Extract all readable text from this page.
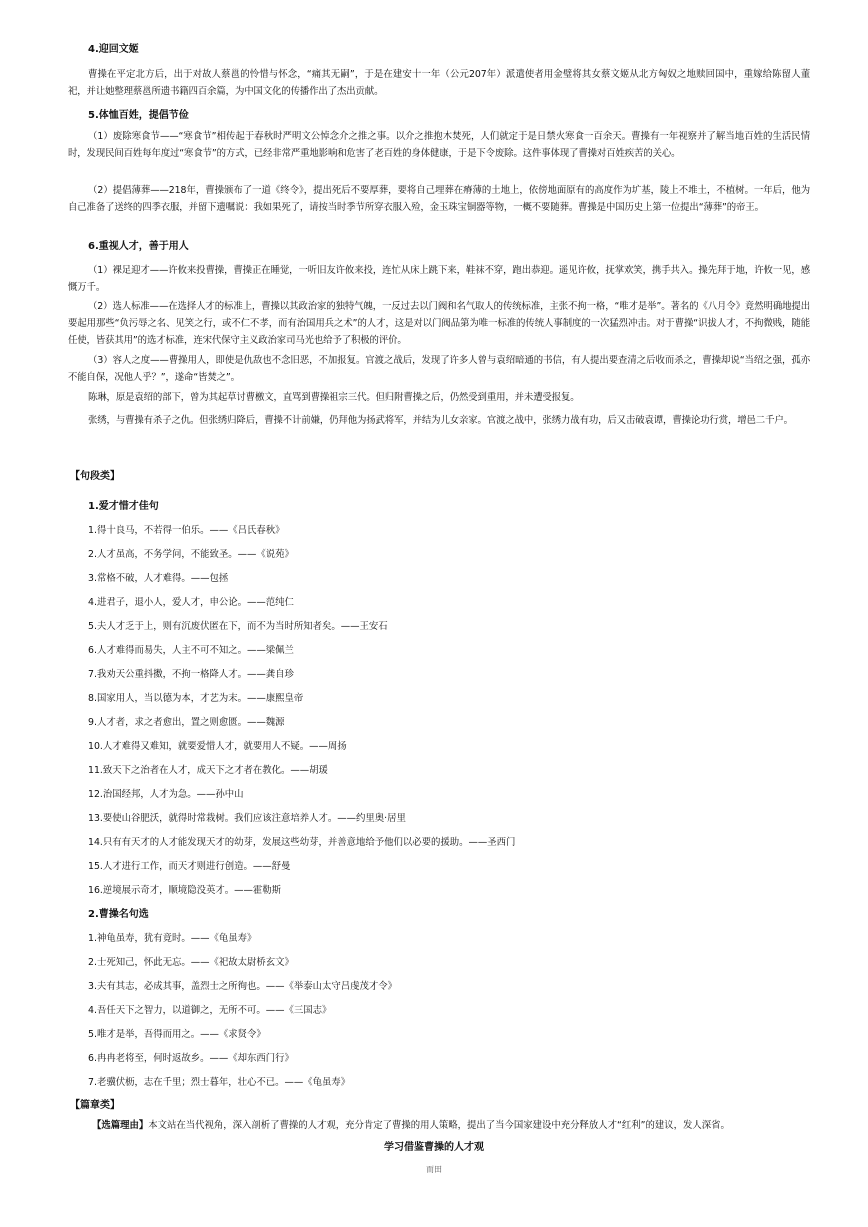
4.迎回文姬
曹操在平定北方后，出于对故人蔡邕的怜惜与怀念，“痛其无嗣”，于是在建安十一年（公元207年）派遣使者用金璧将其女蔡文姬从北方匈奴之地赎回国中，重嫁给陈留人董祀，并让她整理蔡邕所遗书籍四百余篇，为中国文化的传播作出了杰出贡献。
5.体恤百姓，提倡节俭
（1）废除寒食节——“寒食节”相传起于春秋时严明文公悼念介之推之事。以介之推抱木焚死，人们就定于是日禁火寒食一百余天。曹操有一年视察并了解当地百姓的生活民情时，发现民间百姓每年度过“寒食节”的方式，已经非常严重地影响和危害了老百姓的身体健康，于是下令废除。这件事体现了曹操对百姓疾苦的关心。
（2）提倡薄葬——218年，曹操颁布了一道《终令》，提出死后不要厚葬，要将自己埋葬在瘠薄的土地上，依傍地面原有的高度作为圹基，陵上不堆土，不植树。一年后，他为自己准备了送终的四季衣服，并留下遗嘱说：我如果死了，请按当时季节所穿衣服入殓，金玉珠宝铜器等物，一概不要随葬。曹操是中国历史上第一位提出“薄葬”的帝王。
6.重视人才，善于用人
（1）裸足迎才——许攸来投曹操，曹操正在睡觉，一听旧友许攸来投，连忙从床上跳下来，鞋袜不穿，跑出恭迎。遥见许攸，抚掌欢笑，携手共入。操先拜于地，许攸一见，感慨万千。
（2）选人标准——在选择人才的标准上，曹操以其政治家的独特气魄，一反过去以门阀和名气取人的传统标准，主张不拘一格，“唯才是举”。著名的《八月令》竟然明确地提出要起用那些“负污辱之名、见笑之行，或不仁不孝，而有治国用兵之术”的人才，这是对以门阀品第为唯一标准的传统人事制度的一次猛烈冲击。对于曹操“识拔人才，不拘微贱，随能任使，皆获其用”的选才标准，连宋代保守主义政治家司马光也给予了积极的评价。
（3）容人之度——曹操用人，即使是仇敌也不念旧恶，不加报复。官渡之战后，发现了许多人曾与袁绍暗通的书信，有人提出要查清之后收而杀之，曹操却说“当绍之强，孤亦不能自保，况他人乎？”，遂命“皆焚之”。
陈琳，原是袁绍的部下，曾为其起草讨曹檄文，直骂到曹操祖宗三代。但归附曹操之后，仍然受到重用，并未遭受报复。
张绣，与曹操有杀子之仇。但张绣归降后，曹操不计前嫌，仍拜他为扬武将军，并结为儿女亲家。官渡之战中，张绣力战有功，后又击破袁谭，曹操论功行赏，增邑二千户。
【句段类】
1.爱才惜才佳句
1.得十良马，不若得一伯乐。——《吕氏春秋》
2.人才虽高，不务学问，不能致圣。——《说苑》
3.常格不破，人才难得。——包拯
4.进君子，退小人，爱人才，申公论。——范纯仁
5.夫人才乏于上，则有沉废伏匿在下，而不为当时所知者矣。——王安石
6.人才难得而易失，人主不可不知之。——梁佩兰
7.我劝天公重抖擞，不拘一格降人才。——龚自珍
8.国家用人，当以德为本，才艺为末。——康熙皇帝
9.人才者，求之者愈出，置之则愈匮。——魏源
10.人才难得又难知，就要爱惜人才，就要用人不疑。——周扬
11.致天下之治者在人才，成天下之才者在教化。——胡瑗
12.治国经邦，人才为急。——孙中山
13.要使山谷肥沃，就得时常栽树。我们应该注意培养人才。——约里奥·居里
14.只有有天才的人才能发现天才的幼芽，发展这些幼芽，并善意地给予他们以必要的援助。——圣西门
15.人才进行工作，而天才则进行创造。——舒曼
16.逆境展示奇才，顺境隐没英才。——霍勒斯
2.曹操名句选
1.神龟虽寿，犹有竟时。——《龟虽寿》
2.士死知己，怀此无忘。——《祀故太尉桥玄文》
3.夫有其志，必成其事，盖烈士之所徇也。——《举泰山太守吕虔茂才令》
4.吾任天下之智力，以道御之，无所不可。——《三国志》
5.唯才是举，吾得而用之。——《求贤令》
6.冉冉老将至，何时返故乡。——《却东西门行》
7.老骥伏枥，志在千里；烈士暮年，壮心不已。——《龟虽寿》
【篇章类】
【选篇理由】本文站在当代视角，深入剖析了曹操的人才观，充分肯定了曹操的用人策略，提出了当今国家建设中充分释放人才“红利”的建议，发人深省。
学习借鉴曹操的人才观
而田
